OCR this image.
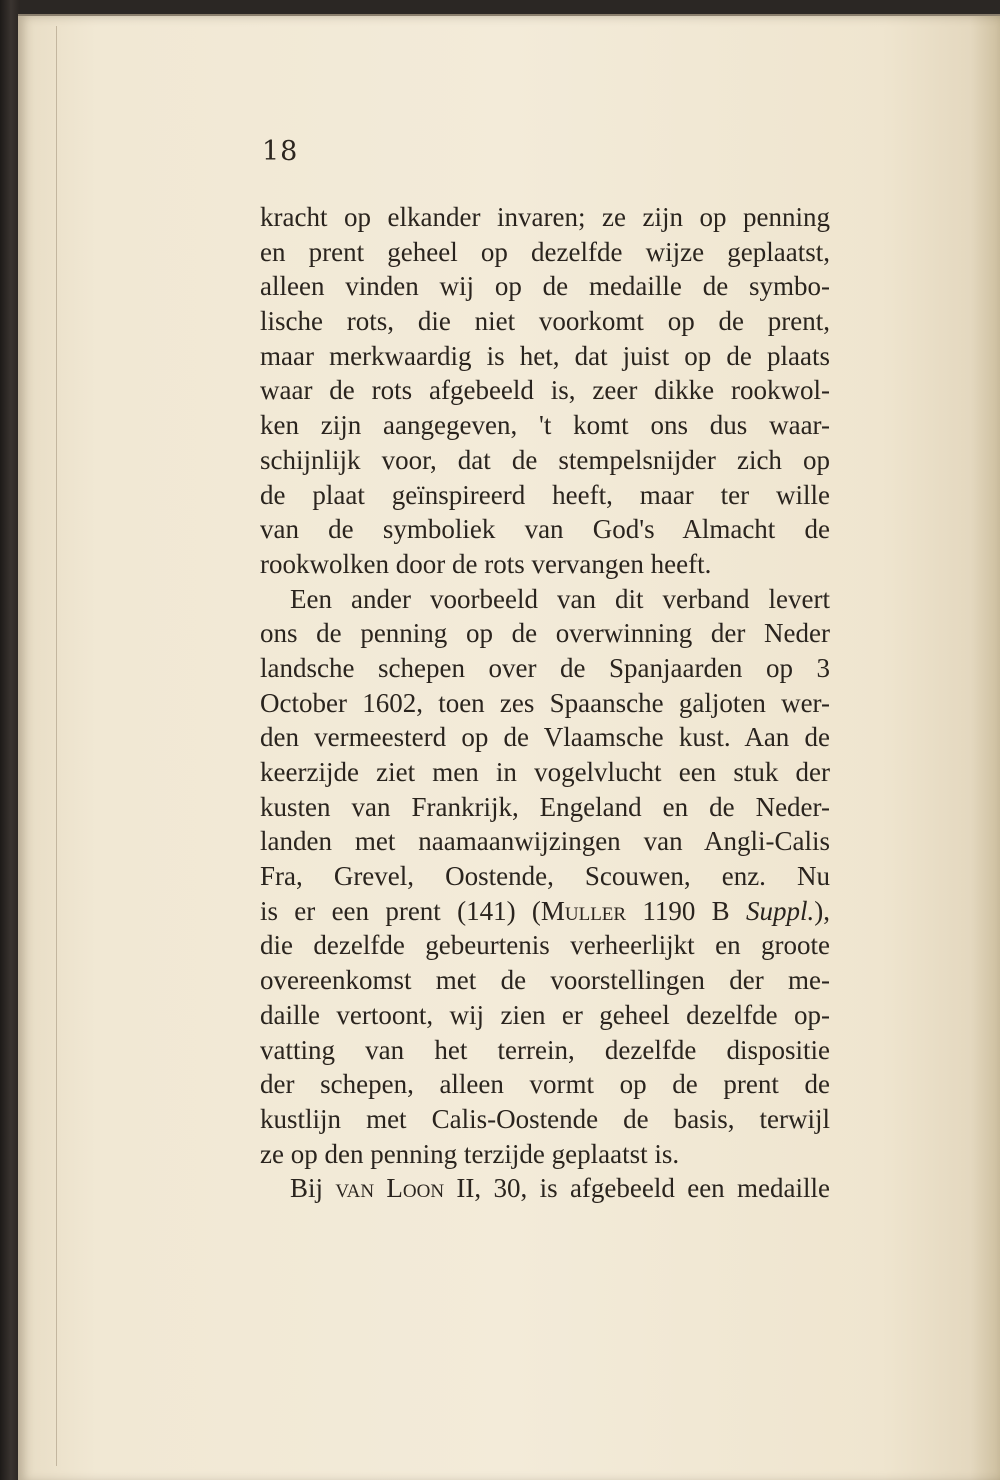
18
kracht op elkander invaren; ze zijn op penning
en prent geheel op dezelfde wijze geplaatst,
alleen vinden wij op de medaille de symbo-
lische rots, die niet voorkomt op de prent,
maar merkwaardig is het, dat juist op de plaats
waar de rots afgebeeld is, zeer dikke rookwol-
ken zijn aangegeven, 't komt ons dus waar-
schijnlijk voor, dat de stempelsnijder zich op
de plaat geïnspireerd heeft, maar ter wille
van de symboliek van God's Almacht de
rookwolken door de rots vervangen heeft.
Een ander voorbeeld van dit verband levert
ons de penning op de overwinning der Neder
landsche schepen over de Spanjaarden op 3
October 1602, toen zes Spaansche galjoten wer-
den vermeesterd op de Vlaamsche kust. Aan de
keerzijde ziet men in vogelvlucht een stuk der
kusten van Frankrijk, Engeland en de Neder-
landen met naamaanwijzingen van Angli-Calis
Fra, Grevel, Oostende, Scouwen, enz. Nu
is er een prent (141) (Muller 1190 B Suppl.),
die dezelfde gebeurtenis verheerlijkt en groote
overeenkomst met de voorstellingen der me-
daille vertoont, wij zien er geheel dezelfde op-
vatting van het terrein, dezelfde dispositie
der schepen, alleen vormt op de prent de
kustlijn met Calis-Oostende de basis, terwijl
ze op den penning terzijde geplaatst is.
Bij van Loon II, 30, is afgebeeld een medaille
